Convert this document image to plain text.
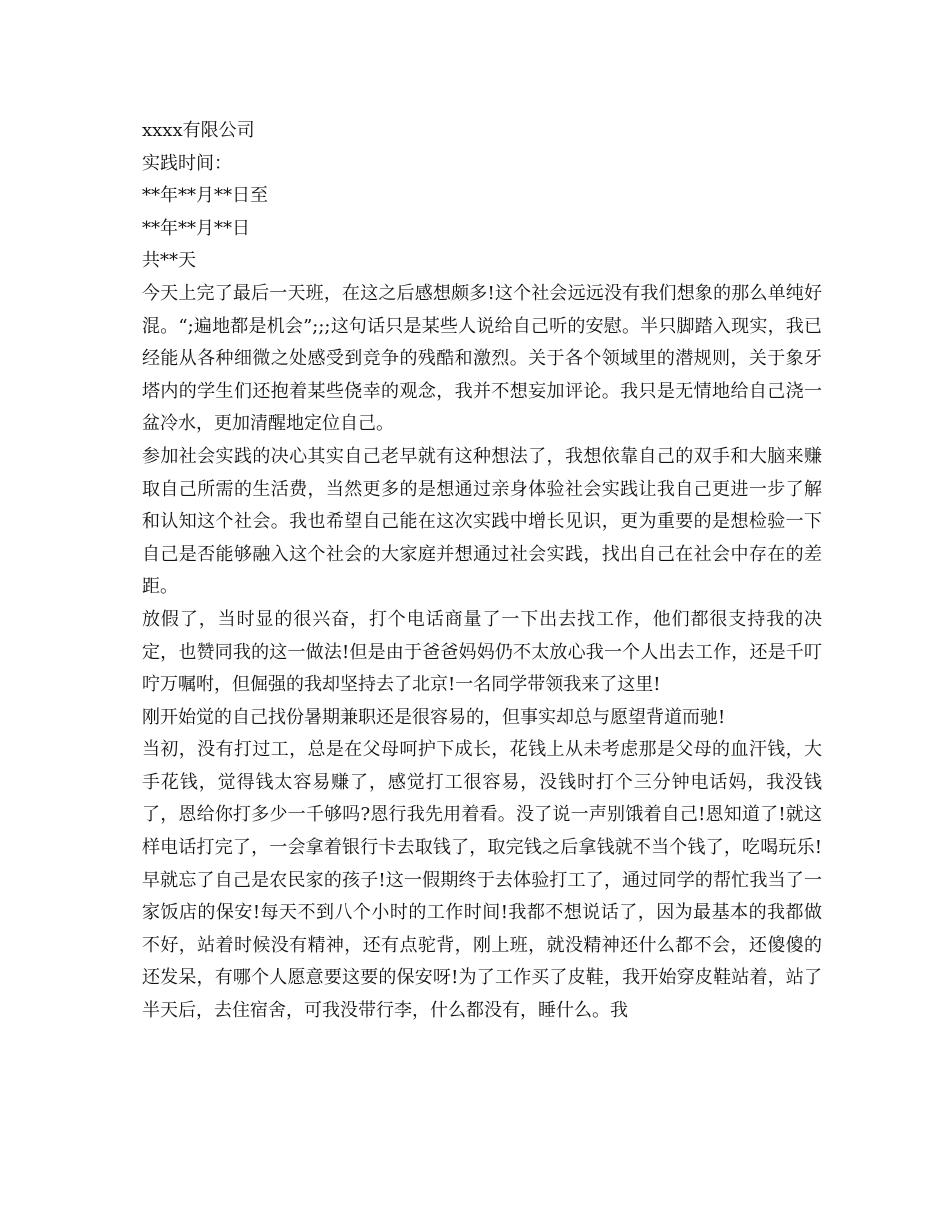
xxxx有限公司

实践时间：

**年**月**日至

**年**月**日

共**天

今天上完了最后一天班，在这之后感想颇多!这个社会远远没有我们想象的那么单纯好混。“;遍地都是机会”;;;这句话只是某些人说给自己听的安慰。半只脚踏入现实，我已经能从各种细微之处感受到竞争的残酷和激烈。关于各个领域里的潜规则，关于象牙塔内的学生们还抱着某些侥幸的观念，我并不想妄加评论。我只是无情地给自己浇一盆冷水，更加清醒地定位自己。

参加社会实践的决心其实自己老早就有这种想法了，我想依靠自己的双手和大脑来赚取自己所需的生活费，当然更多的是想通过亲身体验社会实践让我自己更进一步了解和认知这个社会。我也希望自己能在这次实践中增长见识，更为重要的是想检验一下自己是否能够融入这个社会的大家庭并想通过社会实践，找出自己在社会中存在的差距。

放假了，当时显的很兴奋，打个电话商量了一下出去找工作，他们都很支持我的决定，也赞同我的这一做法!但是由于爸爸妈妈仍不太放心我一个人出去工作，还是千叮咛万嘱咐，但倔强的我却坚持去了北京!一名同学带领我来了这里!

刚开始觉的自己找份暑期兼职还是很容易的，但事实却总与愿望背道而驰!

当初，没有打过工，总是在父母呵护下成长，花钱上从未考虑那是父母的血汗钱，大手花钱，觉得钱太容易赚了，感觉打工很容易，没钱时打个三分钟电话妈，我没钱了，恩给你打多少一千够吗?恩行我先用着看。没了说一声别饿着自己!恩知道了!就这样电话打完了，一会拿着银行卡去取钱了，取完钱之后拿钱就不当个钱了，吃喝玩乐!早就忘了自己是农民家的孩子!这一假期终于去体验打工了，通过同学的帮忙我当了一家饭店的保安!每天不到八个小时的工作时间!我都不想说话了，因为最基本的我都做不好，站着时候没有精神，还有点驼背，刚上班，就没精神还什么都不会，还傻傻的还发呆，有哪个人愿意要这要的保安呀!为了工作买了皮鞋，我开始穿皮鞋站着，站了半天后，去住宿舍，可我没带行李，什么都没有，睡什么。我
